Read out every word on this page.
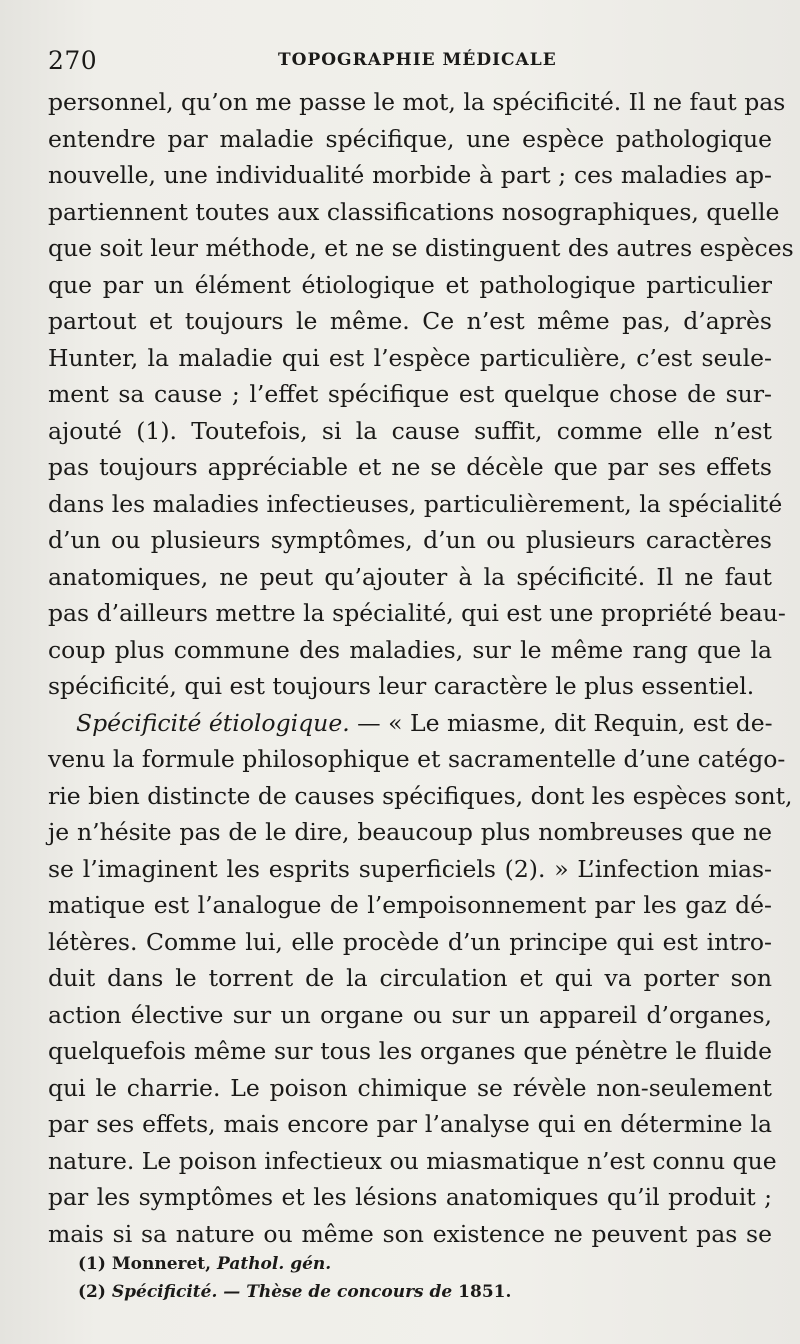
270	TOPOGRAPHIE MÉDICALE
personnel, qu’on me passe le mot, la spécificité. Il ne faut pas
entendre par maladie spécifique, une espèce pathologique
nouvelle, une individualité morbide à part ; ces maladies ap-
partiennent toutes aux classifications nosographiques, quelle
que soit leur méthode, et ne se distinguent des autres espèces
que par un élément étiologique et pathologique particulier
partout et toujours le même. Ce n’est même pas, d’après
Hunter, la maladie qui est l’espèce particulière, c’est seule-
ment sa cause ; l’effet spécifique est quelque chose de sur-
ajouté (1). Toutefois, si la cause suffit, comme elle n’est
pas toujours appréciable et ne se décèle que par ses effets
dans les maladies infectieuses, particulièrement, la spécialité
d’un ou plusieurs symptômes, d’un ou plusieurs caractères
anatomiques, ne peut qu’ajouter à la spécificité. Il ne faut
pas d’ailleurs mettre la spécialité, qui est une propriété beau-
coup plus commune des maladies, sur le même rang que la
spécificité, qui est toujours leur caractère le plus essentiel.
Spécificité étiologique. — « Le miasme, dit Requin, est de-
venu la formule philosophique et sacramentelle d’une catégo-
rie bien distincte de causes spécifiques, dont les espèces sont,
je n’hésite pas de le dire, beaucoup plus nombreuses que ne
se l’imaginent les esprits superficiels (2). » L’infection mias-
matique est l’analogue de l’empoisonnement par les gaz dé-
létères. Comme lui, elle procède d’un principe qui est intro-
duit dans le torrent de la circulation et qui va porter son
action élective sur un organe ou sur un appareil d’organes,
quelquefois même sur tous les organes que pénètre le fluide
qui le charrie. Le poison chimique se révèle non-seulement
par ses effets, mais encore par l’analyse qui en détermine la
nature. Le poison infectieux ou miasmatique n’est connu que
par les symptômes et les lésions anatomiques qu’il produit ;
mais si sa nature ou même son existence ne peuvent pas se
(1) Monneret, Pathol. gén.
(2) Spécificité. — Thèse de concours de 1851.
